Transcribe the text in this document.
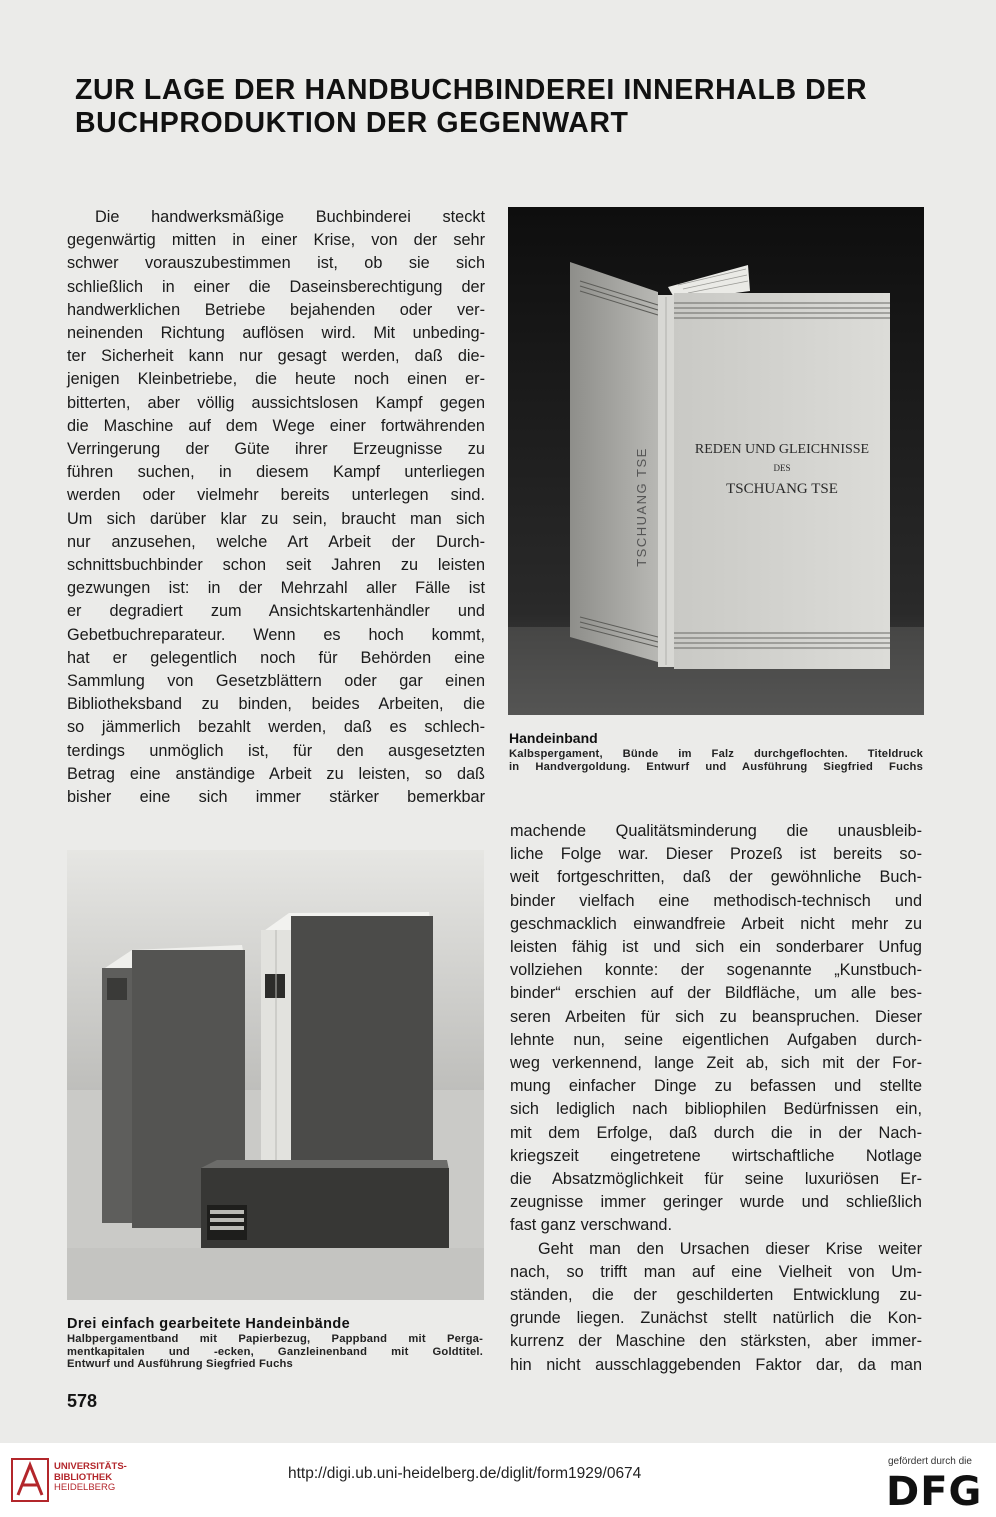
ZUR LAGE DER HANDBUCHBINDEREI INNERHALB DER BUCHPRODUKTION DER GEGENWART
Die handwerksmäßige Buchbinderei steckt
gegenwärtig mitten in einer Krise, von der sehr
schwer vorauszubestimmen ist, ob sie sich
schließlich in einer die Daseinsberechtigung der
handwerklichen Betriebe bejahenden oder ver-
neinenden Richtung auflösen wird. Mit unbeding-
ter Sicherheit kann nur gesagt werden, daß die-
jenigen Kleinbetriebe, die heute noch einen er-
bitterten, aber völlig aussichtslosen Kampf gegen
die Maschine auf dem Wege einer fortwährenden
Verringerung der Güte ihrer Erzeugnisse zu
führen suchen, in diesem Kampf unterliegen
werden oder vielmehr bereits unterlegen sind.
Um sich darüber klar zu sein, braucht man sich
nur anzusehen, welche Art Arbeit der Durch-
schnittsbuchbinder schon seit Jahren zu leisten
gezwungen ist: in der Mehrzahl aller Fälle ist
er degradiert zum Ansichtskartenhändler und
Gebetbuchreparateur. Wenn es hoch kommt,
hat er gelegentlich noch für Behörden eine
Sammlung von Gesetzblättern oder gar einen
Bibliotheksband zu binden, beides Arbeiten, die
so jämmerlich bezahlt werden, daß es schlech-
terdings unmöglich ist, für den ausgesetzten
Betrag eine anständige Arbeit zu leisten, so daß
bisher eine sich immer stärker bemerkbar
TSCHUANG TSE	REDEN UND GLEICHNISSE
DES
TSCHUANG TSE

Handeinband

Kalbspergament, Bünde im Falz durchgeflochten. Titeldruck
in Handvergoldung. Entwurf und Ausführung Siegfried Fuchs
machende Qualitätsminderung die unausbleib-
liche Folge war. Dieser Prozeß ist bereits so-
weit fortgeschritten, daß der gewöhnliche Buch-
binder vielfach eine methodisch-technisch und
geschmacklich einwandfreie Arbeit nicht mehr zu
leisten fähig ist und sich ein sonderbarer Unfug
vollziehen konnte: der sogenannte „Kunstbuch-
binder“ erschien auf der Bildfläche, um alle bes-
seren Arbeiten für sich zu beanspruchen. Dieser
lehnte nun, seine eigentlichen Aufgaben durch-
weg verkennend, lange Zeit ab, sich mit der For-
mung einfacher Dinge zu befassen und stellte
sich lediglich nach bibliophilen Bedürfnissen ein,
mit dem Erfolge, daß durch die in der Nach-
kriegszeit eingetretene wirtschaftliche Notlage
die Absatzmöglichkeit für seine luxuriösen Er-
zeugnisse immer geringer wurde und schließlich
fast ganz verschwand.
Geht man den Ursachen dieser Krise weiter
nach, so trifft man auf eine Vielheit von Um-
ständen, die der geschilderten Entwicklung zu-
grunde liegen. Zunächst stellt natürlich die Kon-
kurrenz der Maschine den stärksten, aber immer-
hin nicht ausschlaggebenden Faktor dar, da man

Drei einfach gearbeitete Handeinbände

Halbpergamentband mit Papierbezug, Pappband mit Perga-
mentkapitalen und -ecken, Ganzleinenband mit Goldtitel.
Entwurf und Ausführung Siegfried Fuchs

578

UNIVERSITÄTS-
BIBLIOTHEK
HEIDELBERG

http://digi.ub.uni-heidelberg.de/diglit/form1929/0674

gefördert durch die

DFG
